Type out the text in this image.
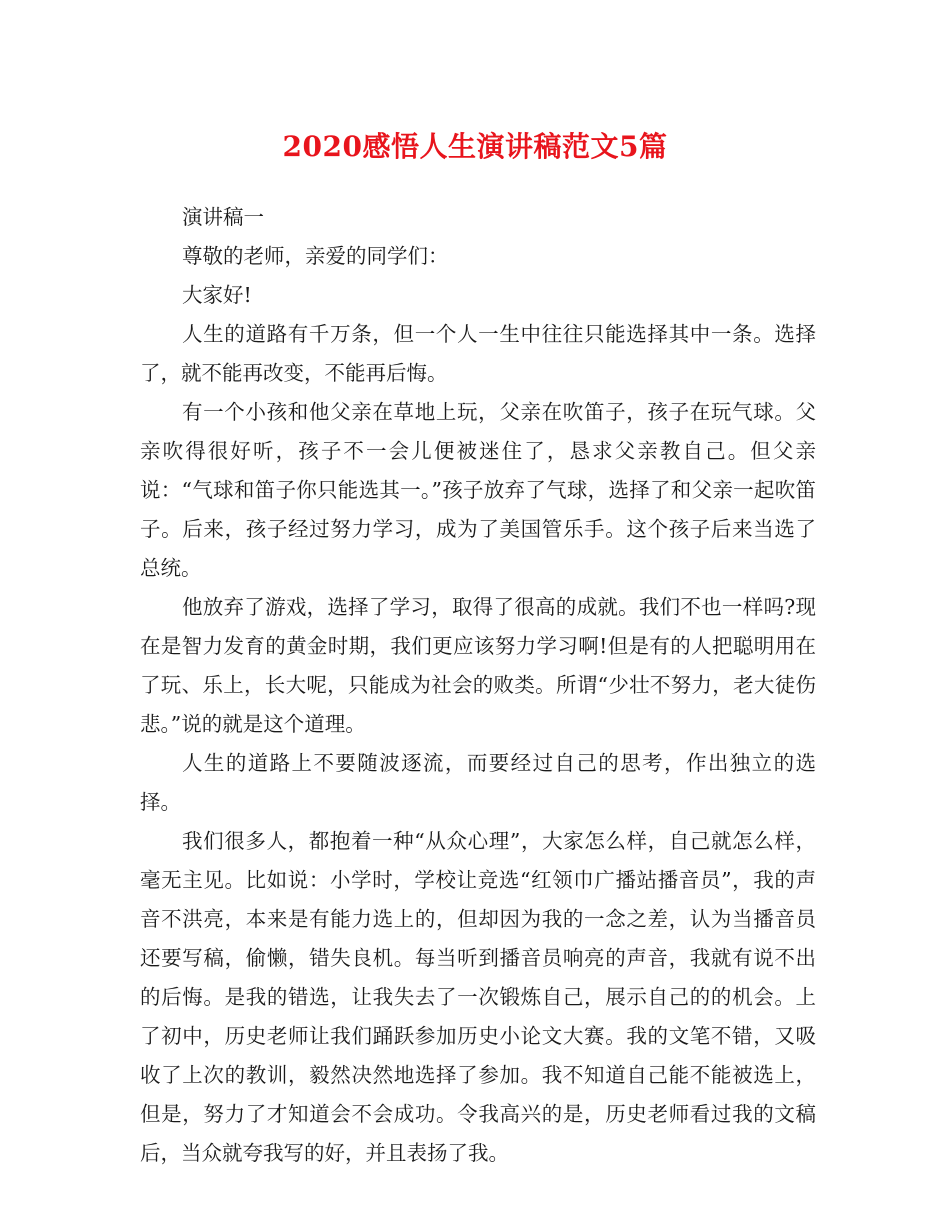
2020感悟人生演讲稿范文5篇

演讲稿一

尊敬的老师，亲爱的同学们：

大家好!

人生的道路有千万条，但一个人一生中往往只能选择其中一条。选择了，就不能再改变，不能再后悔。

有一个小孩和他父亲在草地上玩，父亲在吹笛子，孩子在玩气球。父亲吹得很好听，孩子不一会儿便被迷住了，恳求父亲教自己。但父亲说：“气球和笛子你只能选其一。”孩子放弃了气球，选择了和父亲一起吹笛子。后来，孩子经过努力学习，成为了美国管乐手。这个孩子后来当选了总统。

他放弃了游戏，选择了学习，取得了很高的成就。我们不也一样吗?现在是智力发育的黄金时期，我们更应该努力学习啊!但是有的人把聪明用在了玩、乐上，长大呢，只能成为社会的败类。所谓“少壮不努力，老大徒伤悲。”说的就是这个道理。

人生的道路上不要随波逐流，而要经过自己的思考，作出独立的选择。

我们很多人，都抱着一种“从众心理”，大家怎么样，自己就怎么样，毫无主见。比如说：小学时，学校让竞选“红领巾广播站播音员”，我的声音不洪亮，本来是有能力选上的，但却因为我的一念之差，认为当播音员还要写稿，偷懒，错失良机。每当听到播音员响亮的声音，我就有说不出的后悔。是我的错选，让我失去了一次锻炼自己，展示自己的的机会。上了初中，历史老师让我们踊跃参加历史小论文大赛。我的文笔不错，又吸收了上次的教训，毅然决然地选择了参加。我不知道自己能不能被选上，但是，努力了才知道会不会成功。令我高兴的是，历史老师看过我的文稿后，当众就夸我写的好，并且表扬了我。
